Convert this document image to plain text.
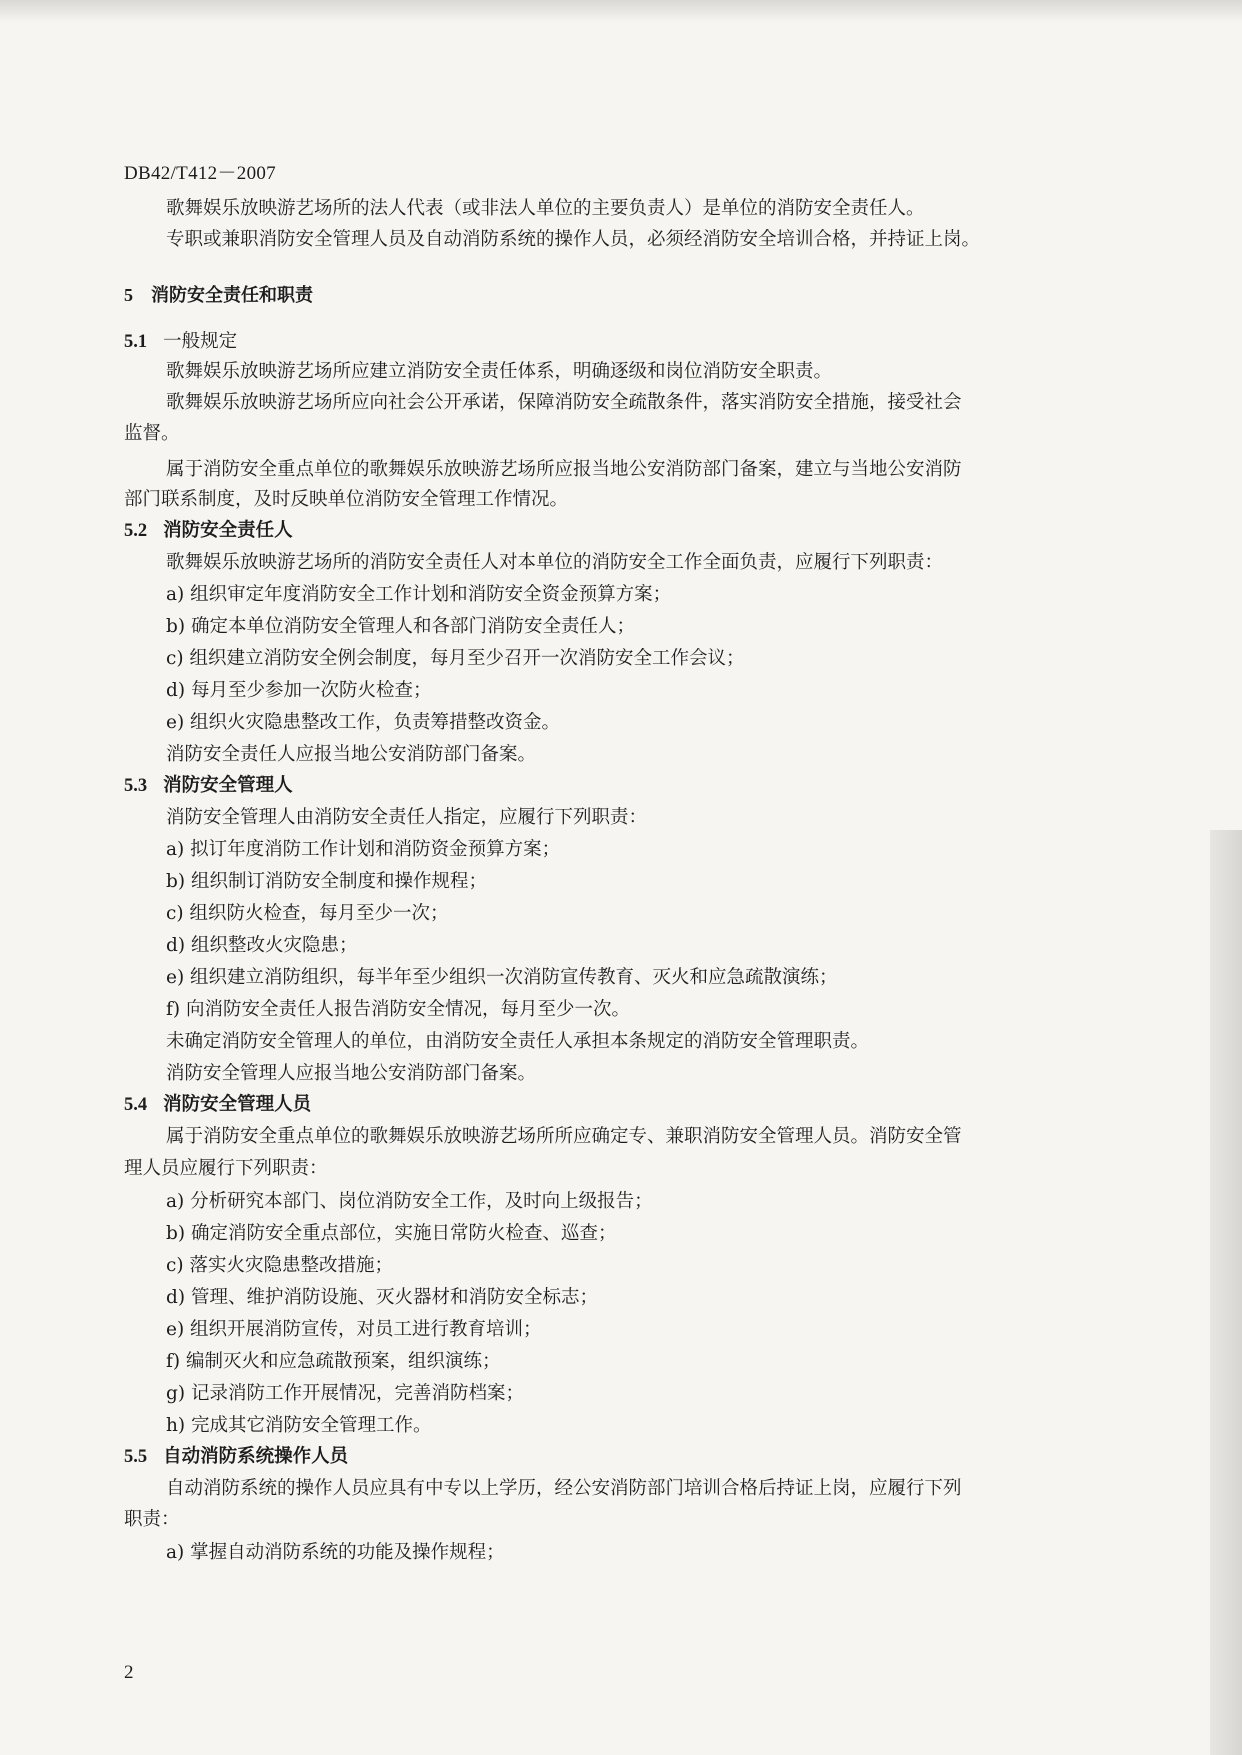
DB42/T412－2007
歌舞娱乐放映游艺场所的法人代表（或非法人单位的主要负责人）是单位的消防安全责任人。
专职或兼职消防安全管理人员及自动消防系统的操作人员，必须经消防安全培训合格，并持证上岗。
5 消防安全责任和职责
5.1 一般规定
歌舞娱乐放映游艺场所应建立消防安全责任体系，明确逐级和岗位消防安全职责。
歌舞娱乐放映游艺场所应向社会公开承诺，保障消防安全疏散条件，落实消防安全措施，接受社会
监督。
属于消防安全重点单位的歌舞娱乐放映游艺场所应报当地公安消防部门备案，建立与当地公安消防
部门联系制度，及时反映单位消防安全管理工作情况。
5.2 消防安全责任人
歌舞娱乐放映游艺场所的消防安全责任人对本单位的消防安全工作全面负责，应履行下列职责：
a) 组织审定年度消防安全工作计划和消防安全资金预算方案；
b) 确定本单位消防安全管理人和各部门消防安全责任人；
c) 组织建立消防安全例会制度，每月至少召开一次消防安全工作会议；
d) 每月至少参加一次防火检查；
e) 组织火灾隐患整改工作，负责筹措整改资金。
消防安全责任人应报当地公安消防部门备案。
5.3 消防安全管理人
消防安全管理人由消防安全责任人指定，应履行下列职责：
a) 拟订年度消防工作计划和消防资金预算方案；
b) 组织制订消防安全制度和操作规程；
c) 组织防火检查，每月至少一次；
d) 组织整改火灾隐患；
e) 组织建立消防组织，每半年至少组织一次消防宣传教育、灭火和应急疏散演练；
f) 向消防安全责任人报告消防安全情况，每月至少一次。
未确定消防安全管理人的单位，由消防安全责任人承担本条规定的消防安全管理职责。
消防安全管理人应报当地公安消防部门备案。
5.4 消防安全管理人员
属于消防安全重点单位的歌舞娱乐放映游艺场所所应确定专、兼职消防安全管理人员。消防安全管
理人员应履行下列职责：
a) 分析研究本部门、岗位消防安全工作，及时向上级报告；
b) 确定消防安全重点部位，实施日常防火检查、巡查；
c) 落实火灾隐患整改措施；
d) 管理、维护消防设施、灭火器材和消防安全标志；
e) 组织开展消防宣传，对员工进行教育培训；
f) 编制灭火和应急疏散预案，组织演练；
g) 记录消防工作开展情况，完善消防档案；
h) 完成其它消防安全管理工作。
5.5 自动消防系统操作人员
自动消防系统的操作人员应具有中专以上学历，经公安消防部门培训合格后持证上岗，应履行下列
职责：
a) 掌握自动消防系统的功能及操作规程；
2
